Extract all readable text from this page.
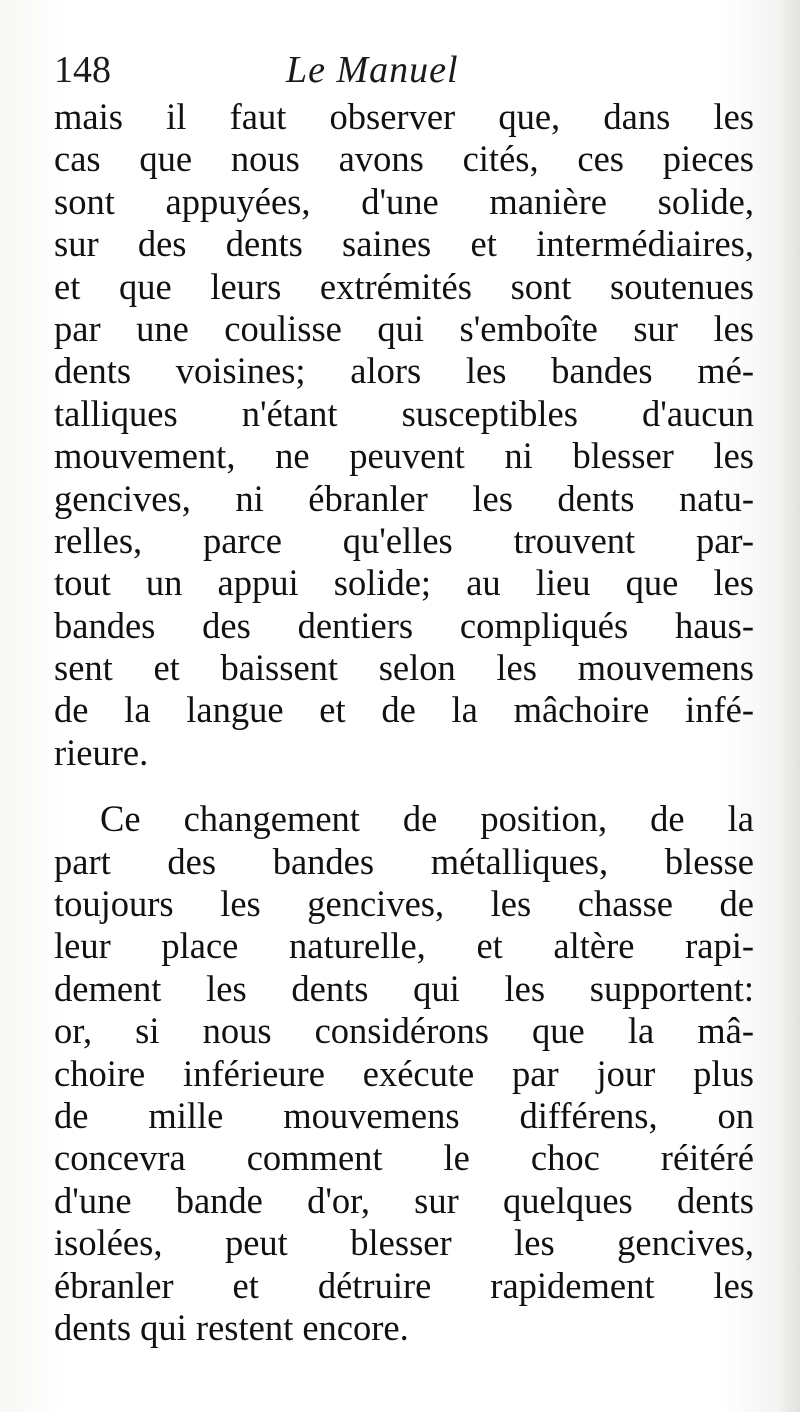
148	Le Manuel
mais il faut observer que, dans les
cas que nous avons cités, ces pieces
sont appuyées, d'une manière solide,
sur des dents saines et intermédiaires,
et que leurs extrémités sont soutenues
par une coulisse qui s'emboîte sur les
dents voisines; alors les bandes mé-
talliques n'étant susceptibles d'aucun
mouvement, ne peuvent ni blesser les
gencives, ni ébranler les dents natu-
relles, parce qu'elles trouvent par-
tout un appui solide; au lieu que les
bandes des dentiers compliqués haus-
sent et baissent selon les mouvemens
de la langue et de la mâchoire infé-
rieure.
Ce changement de position, de la
part des bandes métalliques, blesse
toujours les gencives, les chasse de
leur place naturelle, et altère rapi-
dement les dents qui les supportent:
or, si nous considérons que la mâ-
choire inférieure exécute par jour plus
de mille mouvemens différens, on
concevra comment le choc réitéré
d'une bande d'or, sur quelques dents
isolées, peut blesser les gencives,
ébranler et détruire rapidement les
dents qui restent encore.
